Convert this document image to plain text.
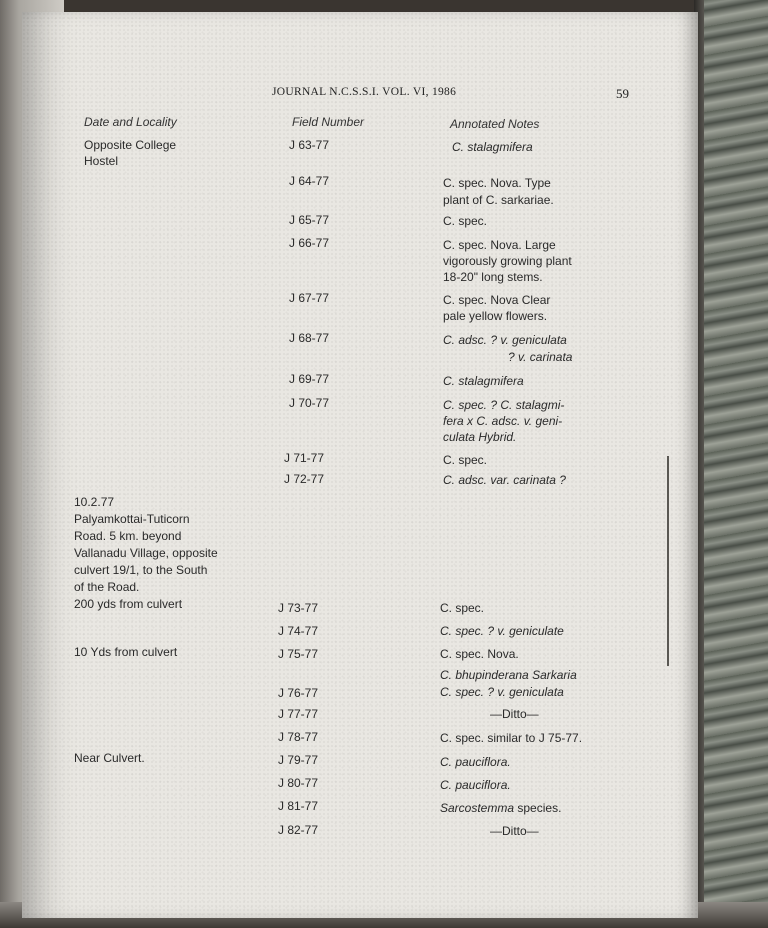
JOURNAL N.C.S.S.I. VOL. VI, 1986	59
Date and Locality	Field Number	Annotated Notes
Opposite College
Hostel
J 63-77	C. stalagmifera
J 64-77	C. spec. Nova. Type
plant of C. sarkariae.
J 65-77	C. spec.
J 66-77	C. spec. Nova. Large
vigorously growing plant
18-20" long stems.
J 67-77	C. spec. Nova Clear
pale yellow flowers.
J 68-77	C. adsc. ? v. geniculata
? v. carinata
J 69-77	C. stalagmifera
J 70-77	C. spec. ? C. stalagmi-
fera x C. adsc. v. geni-
culata Hybrid.
J 71-77	C. spec.
J 72-77	C. adsc. var. carinata ?
10.2.77
Palyamkottai-Tuticorn
Road. 5 km. beyond
Vallanadu Village, opposite
culvert 19/1, to the South
of the Road.
200 yds from culvert	J 73-77	C. spec.
J 74-77	C. spec. ? v. geniculate
10 Yds from culvert	J 75-77	C. spec. Nova.
C. bhupinderana Sarkaria
J 76-77	C. spec. ? v. geniculata
J 77-77	—Ditto—
J 78-77	C. spec. similar to J 75-77.
Near Culvert.	J 79-77	C. pauciflora.
J 80-77	C. pauciflora.
J 81-77	Sarcostemma species.
J 82-77	—Ditto—
